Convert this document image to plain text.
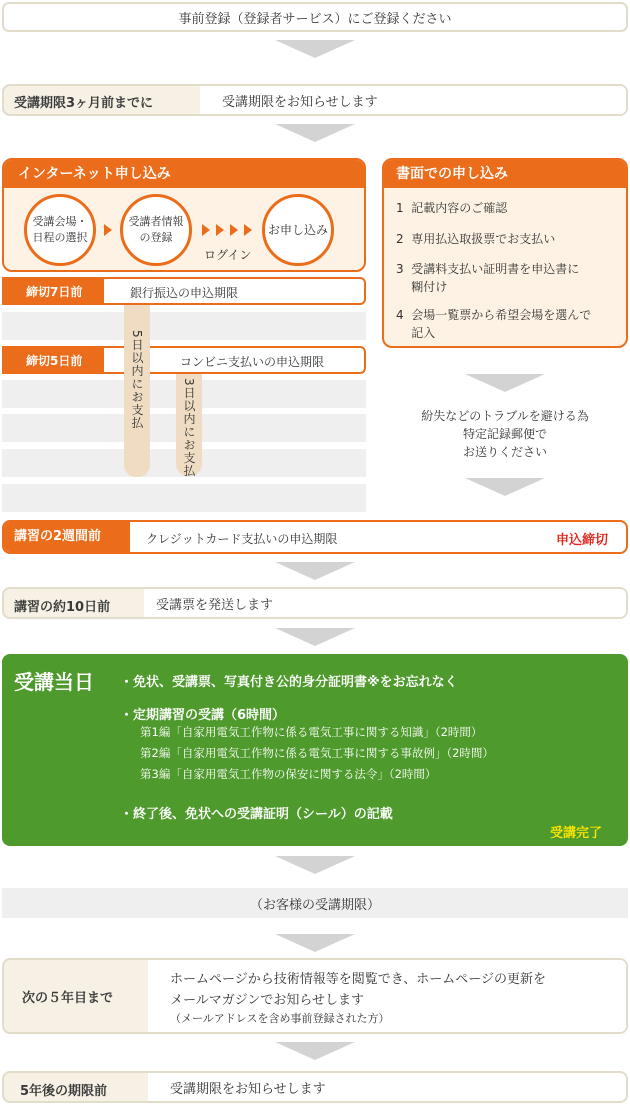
事前登録（登録者サービス）にご登録ください
受講期限3ヶ月前までに	受講期限をお知らせします
インターネット申し込み
受講会場・
日程の選択
受講者情報
の登録
ログイン
お申し込み
書面での申し込み
1  記載内容のご確認
2  専用払込取扱票でお支払い
3  受講料支払い証明書を申込書に
糊付け
4  会場一覧票から希望会場を選んで
記入
紛失などのトラブルを避ける為
特定記録郵便で
お送りください
締切7日前	銀行振込の申込期限
締切5日前	コンビニ支払いの申込期限
5日以内にお支払	3日以内にお支払
講習の2週間前	クレジットカード支払いの申込期限	申込締切
講習の約10日前	受講票を発送します
受講当日 ・免状、受講票、写真付き公的身分証明書※をお忘れなく
・定期講習の受講（6時間）
第1編「自家用電気工作物に係る電気工事に関する知識」（2時間）
第2編「自家用電気工作物に係る電気工事に関する事故例」（2時間）
第3編「自家用電気工作物の保安に関する法令」（2時間）
・終了後、免状への受講証明（シール）の記載
受講完了
（お客様の受講期限）
次の５年目まで
ホームページから技術情報等を閲覧でき、ホームページの更新を
メールマガジンでお知らせします
（メールアドレスを含め事前登録された方）
5年後の期限前	受講期限をお知らせします
